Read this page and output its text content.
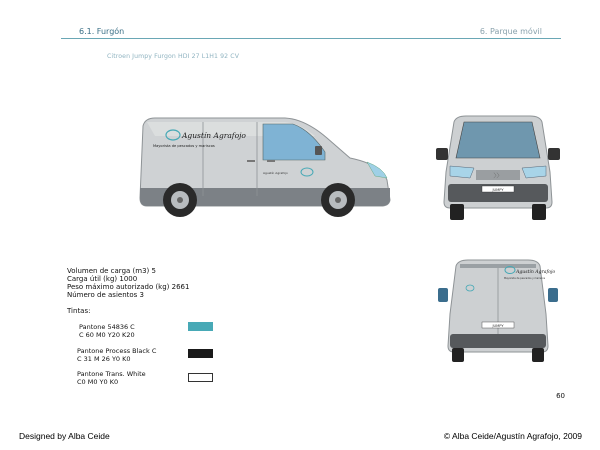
6.1. Furgón	6. Parque móvil
Citroen Jumpy Furgon HDI 27 L1H1 92 CV
Agustín Agrafojo
Mayorista de pescados y mariscos
Agustín Agrafojo	〉〉
JUMPY
Agustín Agrafojo
Mayorista de pescados y mariscos
JUMPY
Volumen de carga (m3) 5
Carga útil (kg) 1000
Peso máximo autorizado (kg) 2661
Número de asientos 3
Tintas:
Pantone 54836 C
C 60 M0 Y20 K20
Pantone Process Black C
C 31 M 26 Y0 K0
Pantone Trans. White
C0 M0 Y0 K0
60
Designed by Alba Ceide	© Alba Ceide/Agustín Agrafojo, 2009
